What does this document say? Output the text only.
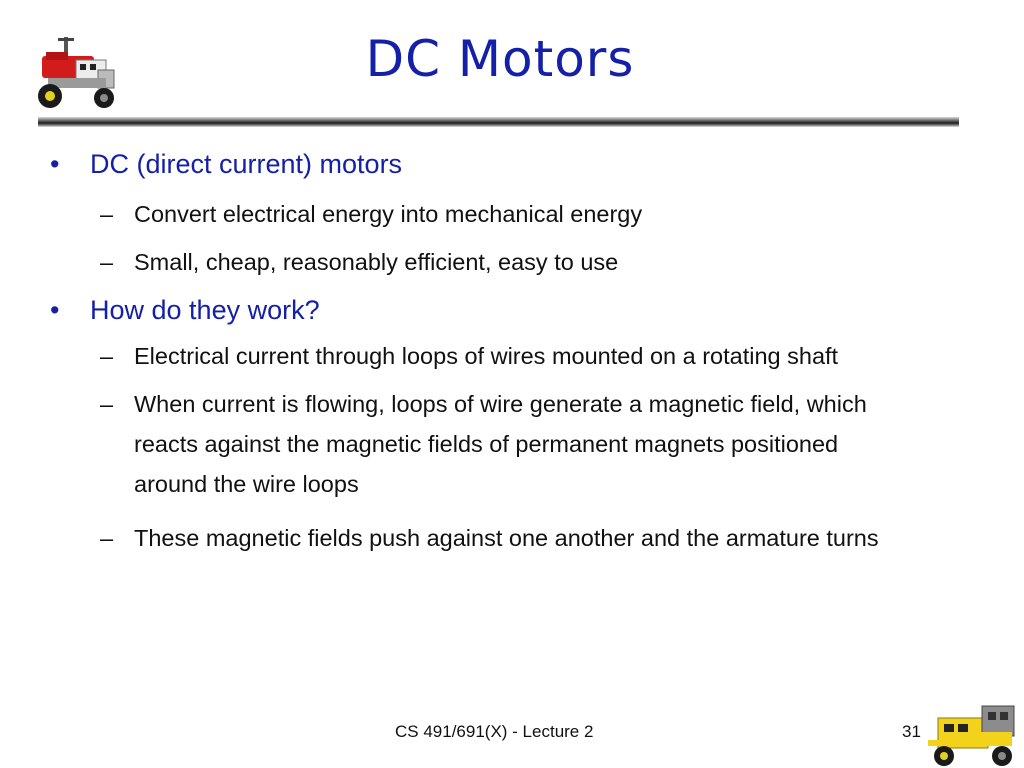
DC Motors
•	DC (direct current) motors
– Convert electrical energy into mechanical energy
– Small, cheap, reasonably efficient, easy to use
•	How do they work?
– Electrical current through loops of wires mounted on a rotating shaft
– When current is flowing, loops of wire generate a magnetic field, which reacts against the magnetic fields of permanent magnets positioned around the wire loops
– These magnetic fields push against one another and the armature turns
CS 491/691(X) - Lecture 2	31
